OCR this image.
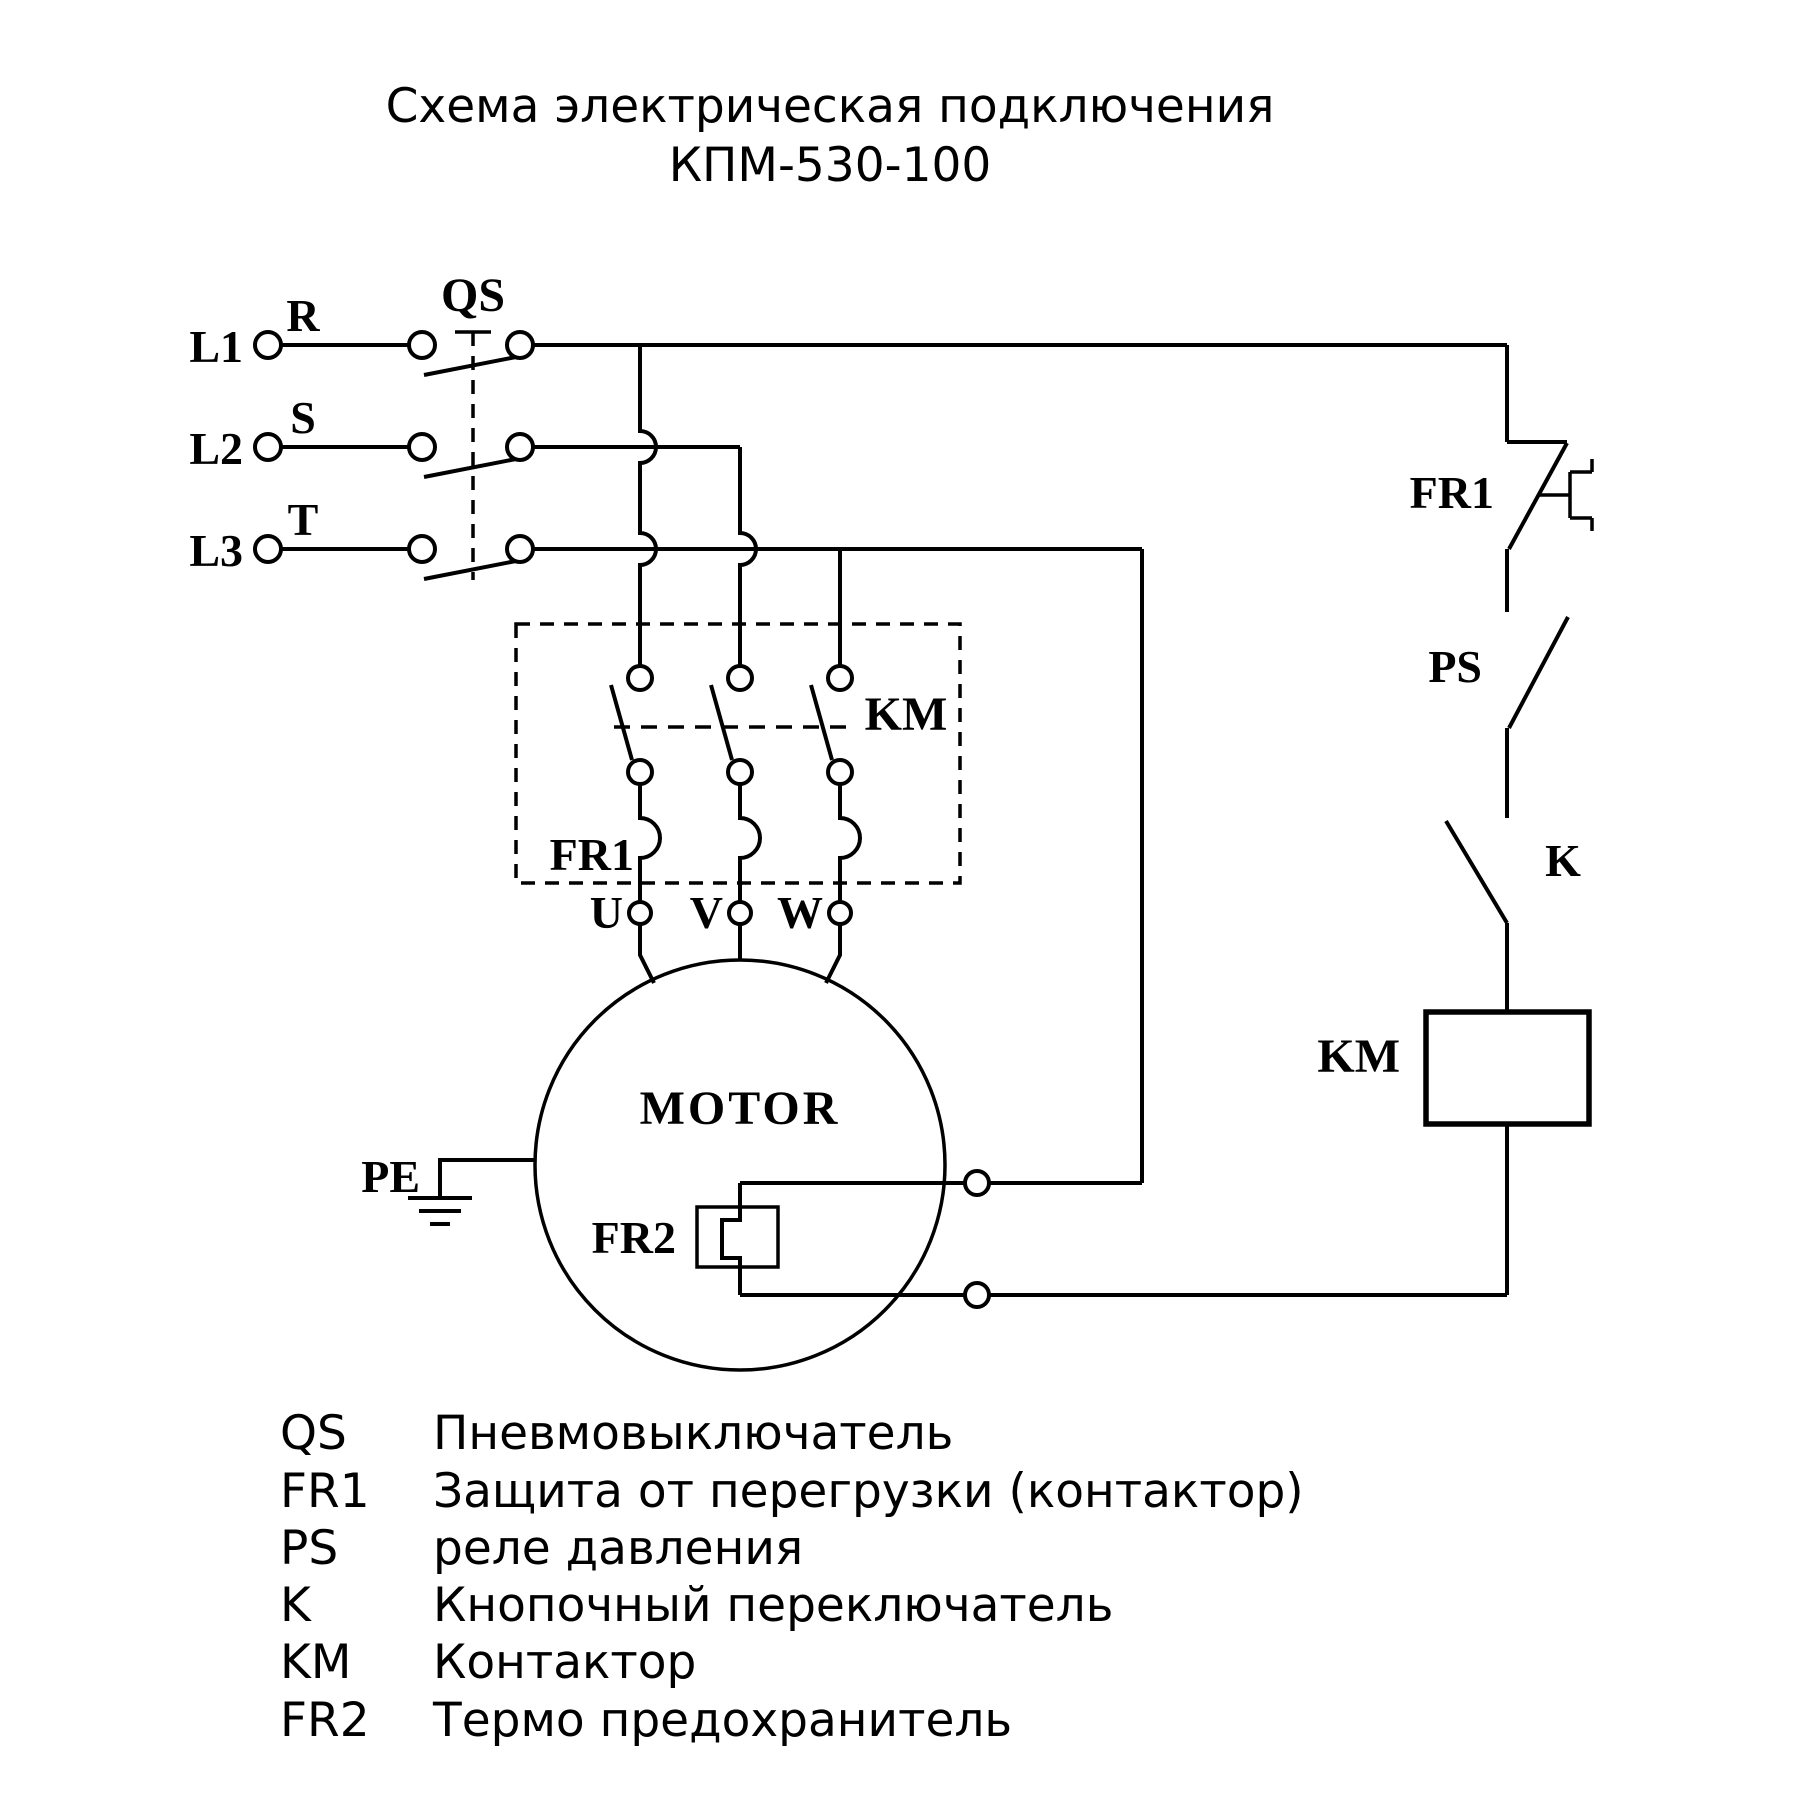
Схема электрическая подключения
КПМ-530-100
L1
R
L2
S
L3
T
QS
KM
FR1
U V W
MOTOR
FR2
PE
FR1
PS
K
KM
QS Пневмовыключатель
FR1 Защита от перегрузки (контактор)
PS реле давления
K	Кнопочный переключатель
KM Контактор
FR2 Термо предохранитель
